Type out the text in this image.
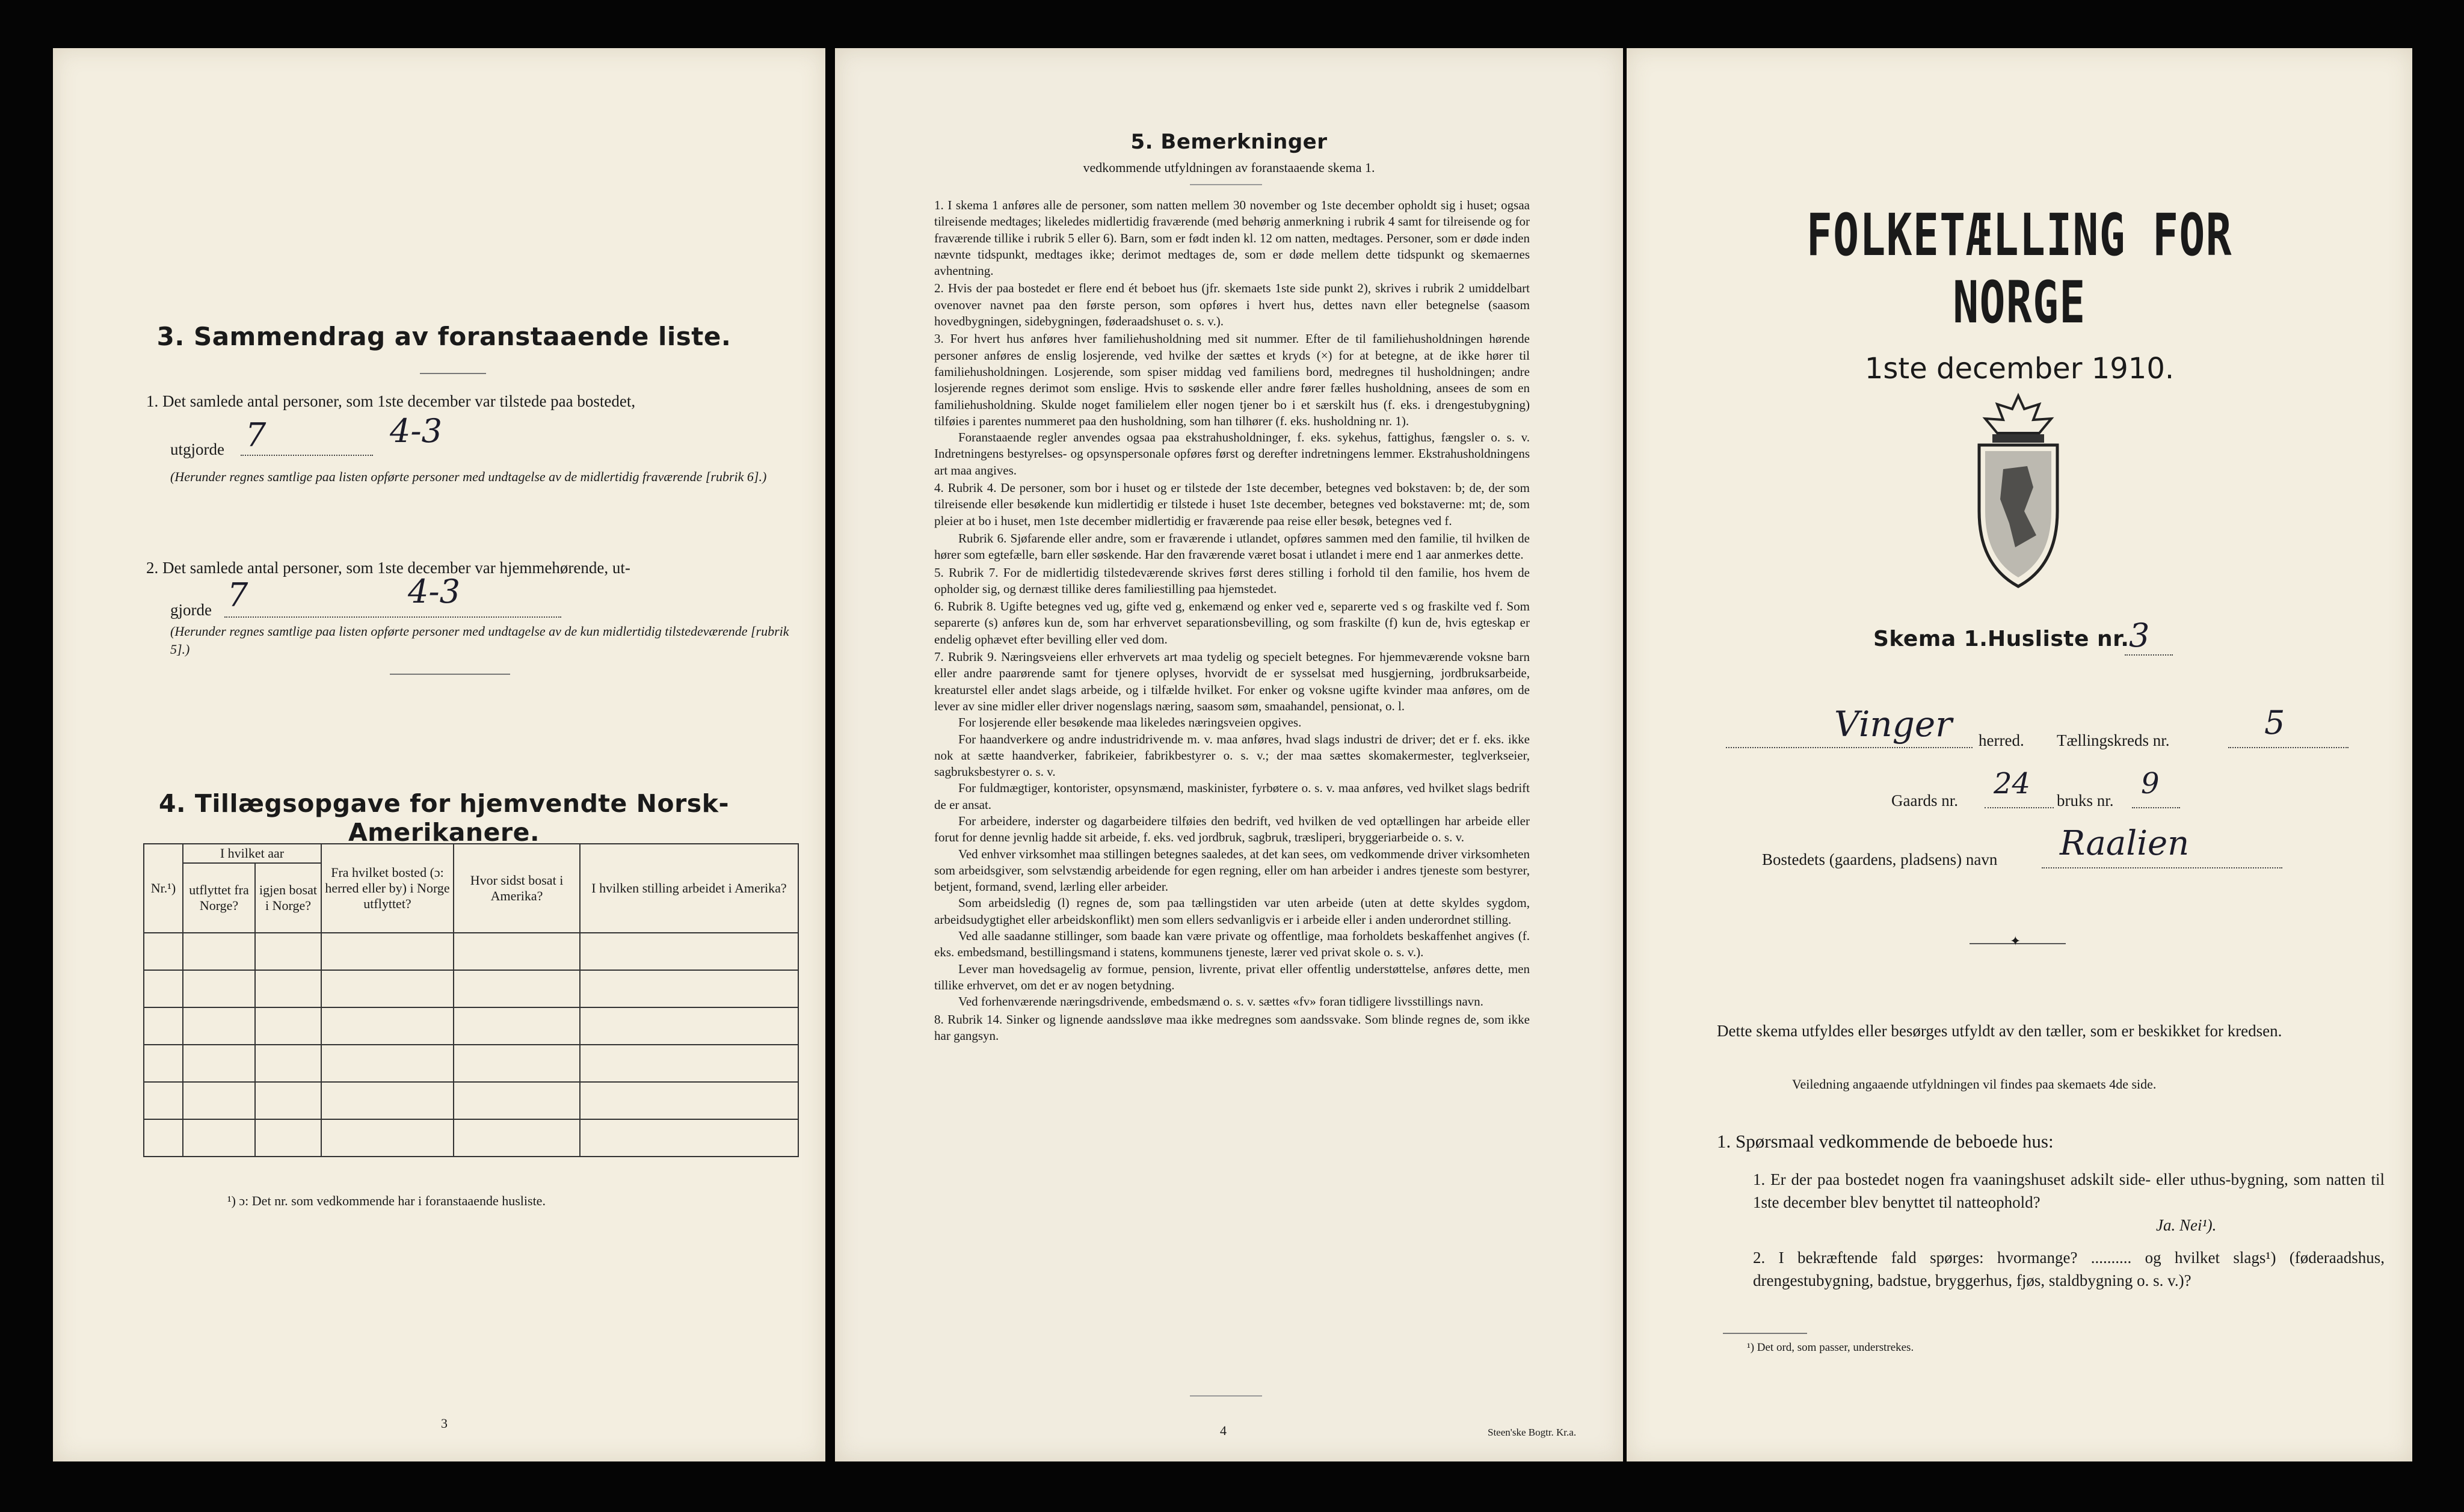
3. Sammendrag av foranstaaende liste.
1. Det samlede antal personer, som 1ste december var tilstede paa bostedet,
utgjorde 7	4-3
(Herunder regnes samtlige paa listen opførte personer med undtagelse av de midlertidig fraværende [rubrik 6].)
2. Det samlede antal personer, som 1ste december var hjemmehørende, ut-
gjorde 7	4-3
(Herunder regnes samtlige paa listen opførte personer med undtagelse av de kun midlertidig tilstedeværende [rubrik 5].)
4. Tillægsopgave for hjemvendte Norsk-Amerikanere.
Nr.¹)	I hvilket aar		Fra hvilket bosted (ɔ: herred eller by) i Norge utflyttet?	Hvor sidst bosat i Amerika?	I hvilken stilling arbeidet i Amerika?
	utflyttet fra Norge?	igjen bosat i Norge?			

¹) ɔ: Det nr. som vedkommende har i foranstaaende husliste.
3
5. Bemerkninger
vedkommende utfyldningen av foranstaaende skema 1.

1. I skema 1 anføres alle de personer, som natten mellem 30 november og 1ste december opholdt sig i huset; ogsaa tilreisende medtages; likeledes midlertidig fraværende (med behørig anmerkning i rubrik 4 samt for tilreisende og for fraværende tillike i rubrik 5 eller 6). Barn, som er født inden kl. 12 om natten, medtages. Personer, som er døde inden nævnte tidspunkt, medtages ikke; derimot medtages de, som er døde mellem dette tidspunkt og skemaernes avhentning.

2. Hvis der paa bostedet er flere end ét beboet hus (jfr. skemaets 1ste side punkt 2), skrives i rubrik 2 umiddelbart ovenover navnet paa den første person, som opføres i hvert hus, dettes navn eller betegnelse (saasom hovedbygningen, sidebygningen, føderaadshuset o. s. v.).

3. For hvert hus anføres hver familiehusholdning med sit nummer. Efter de til familiehusholdningen hørende personer anføres de enslig losjerende, ved hvilke der sættes et kryds (×) for at betegne, at de ikke hører til familiehusholdningen. Losjerende, som spiser middag ved familiens bord, medregnes til husholdningen; andre losjerende regnes derimot som enslige. Hvis to søskende eller andre fører fælles husholdning, ansees de som en familiehusholdning. Skulde noget familielem eller nogen tjener bo i et særskilt hus (f. eks. i drengestubygning) tilføies i parentes nummeret paa den husholdning, som han tilhører (f. eks. husholdning nr. 1).

Foranstaaende regler anvendes ogsaa paa ekstrahusholdninger, f. eks. sykehus, fattighus, fængsler o. s. v. Indretningens bestyrelses- og opsynspersonale opføres først og derefter indretningens lemmer. Ekstrahusholdningens art maa angives.

4. Rubrik 4. De personer, som bor i huset og er tilstede der 1ste december, betegnes ved bokstaven: b; de, der som tilreisende eller besøkende kun midlertidig er tilstede i huset 1ste december, betegnes ved bokstaverne: mt; de, som pleier at bo i huset, men 1ste december midlertidig er fraværende paa reise eller besøk, betegnes ved f.

Rubrik 6. Sjøfarende eller andre, som er fraværende i utlandet, opføres sammen med den familie, til hvilken de hører som egtefælle, barn eller søskende. Har den fraværende været bosat i utlandet i mere end 1 aar anmerkes dette.

5. Rubrik 7. For de midlertidig tilstedeværende skrives først deres stilling i forhold til den familie, hos hvem de opholder sig, og dernæst tillike deres familiestilling paa hjemstedet.

6. Rubrik 8. Ugifte betegnes ved ug, gifte ved g, enkemænd og enker ved e, separerte ved s og fraskilte ved f. Som separerte (s) anføres kun de, som har erhvervet separationsbevilling, og som fraskilte (f) kun de, hvis egteskap er endelig ophævet efter bevilling eller ved dom.

7. Rubrik 9. Næringsveiens eller erhvervets art maa tydelig og specielt betegnes. For hjemmeværende voksne barn eller andre paarørende samt for tjenere oplyses, hvorvidt de er sysselsat med husgjerning, jordbruksarbeide, kreaturstel eller andet slags arbeide, og i tilfælde hvilket. For enker og voksne ugifte kvinder maa anføres, om de lever av sine midler eller driver nogenslags næring, saasom søm, smaahandel, pensionat, o. l.

For losjerende eller besøkende maa likeledes næringsveien opgives.

For haandverkere og andre industridrivende m. v. maa anføres, hvad slags industri de driver; det er f. eks. ikke nok at sætte haandverker, fabrikeier, fabrikbestyrer o. s. v.; der maa sættes skomakermester, teglverkseier, sagbruksbestyrer o. s. v.

For fuldmægtiger, kontorister, opsynsmænd, maskinister, fyrbøtere o. s. v. maa anføres, ved hvilket slags bedrift de er ansat.

For arbeidere, inderster og dagarbeidere tilføies den bedrift, ved hvilken de ved optællingen har arbeide eller forut for denne jevnlig hadde sit arbeide, f. eks. ved jordbruk, sagbruk, træsliperi, bryggeriarbeide o. s. v.

Ved enhver virksomhet maa stillingen betegnes saaledes, at det kan sees, om vedkommende driver virksomheten som arbeidsgiver, som selvstændig arbeidende for egen regning, eller om han arbeider i andres tjeneste som bestyrer, betjent, formand, svend, lærling eller arbeider.

Som arbeidsledig (l) regnes de, som paa tællingstiden var uten arbeide (uten at dette skyldes sygdom, arbeidsudygtighet eller arbeidskonflikt) men som ellers sedvanligvis er i arbeide eller i anden underordnet stilling.

Ved alle saadanne stillinger, som baade kan være private og offentlige, maa forholdets beskaffenhet angives (f. eks. embedsmand, bestillingsmand i statens, kommunens tjeneste, lærer ved privat skole o. s. v.).

Lever man hovedsagelig av formue, pension, livrente, privat eller offentlig understøttelse, anføres dette, men tillike erhvervet, om det er av nogen betydning.

Ved forhenværende næringsdrivende, embedsmænd o. s. v. sættes «fv» foran tidligere livsstillings navn.

8. Rubrik 14. Sinker og lignende aandssløve maa ikke medregnes som aandssvake. Som blinde regnes de, som ikke har gangsyn.

4	Steen'ske Bogtr. Kr.a.
FOLKETÆLLING FOR NORGE
1ste december 1910.
Skema 1. Husliste nr. 3
Vinger herred. Tællingskreds nr.	5
Gaards nr. 24 bruks nr. 9
Bostedets (gaardens, pladsens) navn Raalien
✦
Dette skema utfyldes eller besørges utfyldt av den tæller, som er beskikket for kredsen.
Veiledning angaaende utfyldningen vil findes paa skemaets 4de side.
1. Spørsmaal vedkommende de beboede hus:
1. Er der paa bostedet nogen fra vaaningshuset adskilt side- eller uthus-bygning, som natten til 1ste december blev benyttet til natteophold?
Ja. Nei¹).
2. I bekræftende fald spørges: hvormange? .......... og hvilket slags¹) (føderaadshus, drengestubygning, badstue, bryggerhus, fjøs, staldbygning o. s. v.)?
¹) Det ord, som passer, understrekes.
